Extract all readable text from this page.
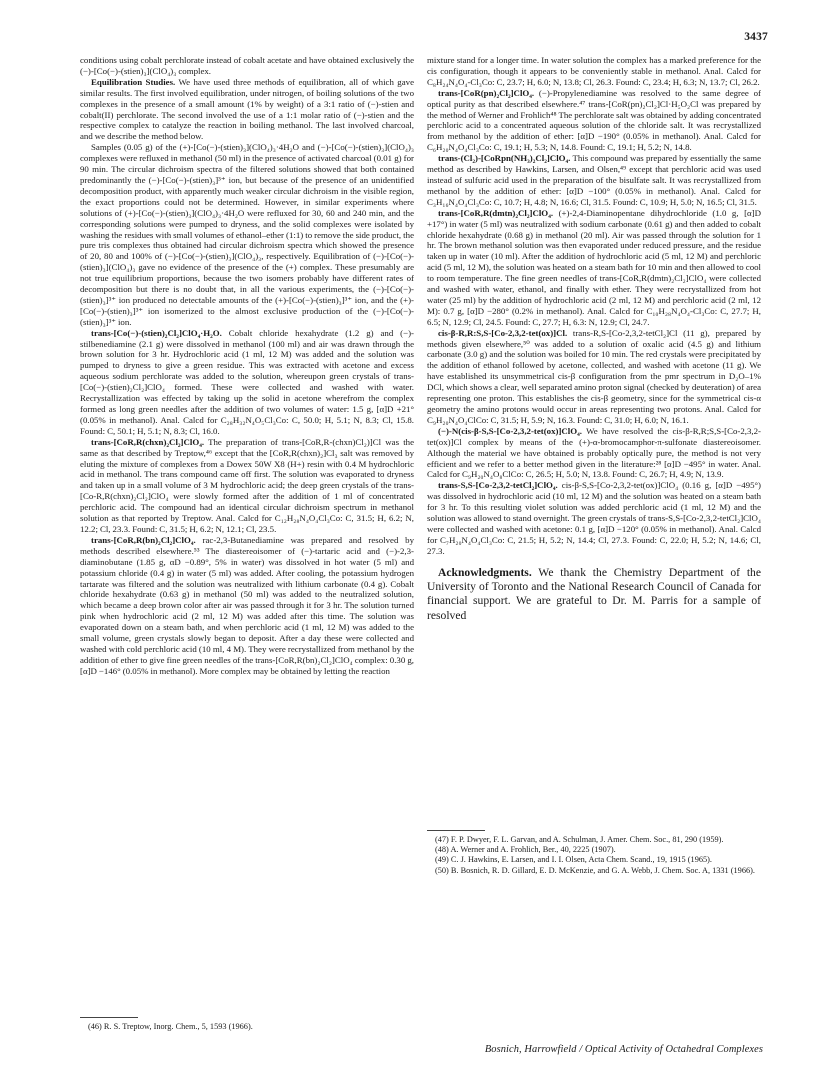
3437

conditions using cobalt perchlorate instead of cobalt acetate and have obtained exclusively the (−)-[Co(−)-(stien)₃](ClO₄)₃ complex.

Equilibration Studies. We have used three methods of equilibration, all of which gave similar results. The first involved equilibration, under nitrogen, of boiling solutions of the two complexes in the presence of a small amount (1% by weight) of a 3:1 ratio of (−)-stien and cobalt(II) perchlorate. The second involved the use of a 1:1 molar ratio of (−)-stien and the respective complex to catalyze the reaction in boiling methanol. The last involved charcoal, and we describe the method below.

Samples (0.05 g) of the (+)-[Co(−)-(stien)₃](ClO₄)₃·4H₂O and (−)-[Co(−)-(stien)₃](ClO₄)₃ complexes were refluxed in methanol (50 ml) in the presence of activated charcoal (0.01 g) for 90 min. The circular dichroism spectra of the filtered solutions showed that both contained predominantly the (−)-[Co(−)-(stien)₃]³⁺ ion, but because of the presence of an unidentified decomposition product, with apparently much weaker circular dichroism in the visible region, the exact proportions could not be determined. However, in similar experiments where solutions of (+)-[Co(−)-(stien)₃](ClO₄)₃·4H₂O were refluxed for 30, 60 and 240 min, and the corresponding solutions were pumped to dryness, and the solid complexes were isolated by washing the residues with small volumes of ethanol–ether (1:1) to remove the side product, the pure tris complexes thus obtained had circular dichroism spectra which showed the presence of 20, 80 and 100% of (−)-[Co(−)-(stien)₃](ClO₄)₃, respectively. Equilibration of (−)-[Co(−)-(stien)₃](ClO₄)₃ gave no evidence of the presence of the (+) complex. These presumably are not true equilibrium proportions, because the two isomers probably have different rates of decomposition but there is no doubt that, in all the various experiments, the (−)-[Co(−)-(stien)₃]³⁺ ion produced no detectable amounts of the (+)-[Co(−)-(stien)₃]³⁺ ion, and the (+)-[Co(−)-(stien)₃]³⁺ ion isomerized to the almost exclusive production of the (−)-[Co(−)-(stien)₃]³⁺ ion.

trans-[Co(−)-(stien)₂Cl₂]ClO₄·H₂O. Cobalt chloride hexahydrate (1.2 g) and (−)-stilbenediamine (2.1 g) were dissolved in methanol (100 ml) and air was drawn through the brown solution for 3 hr. Hydrochloric acid (1 ml, 12 M) was added and the solution was pumped to dryness to give a green residue. This was extracted with acetone and excess aqueous sodium perchlorate was added to the solution, whereupon green crystals of trans-[Co(−)-(stien)₂Cl₂]ClO₄ formed. These were collected and washed with water. Recrystallization was effected by taking up the solid in acetone wherefrom the complex formed as long green needles after the addition of two volumes of water: 1.5 g, [α]D +21° (0.05% in methanol). Anal. Calcd for C₂₈H₃₂N₄O₅Cl₃Co: C, 50.0; H, 5.1; N, 8.3; Cl, 15.8. Found: C, 50.1; H, 5.1; N, 8.3; Cl, 16.0.

trans-[CoR,R(chxn)₂Cl₂]ClO₄. The preparation of trans-[CoR,R-(chxn)Cl₂)]Cl was the same as that described by Treptow,⁴⁶ except that the [CoR,R(chxn)₂]Cl₃ salt was removed by eluting the mixture of complexes from a Dowex 50W X8 (H+) resin with 0.4 M hydrochloric acid in methanol. The trans compound came off first. The solution was evaporated to dryness and taken up in a small volume of 3 M hydrochloric acid; the deep green crystals of the trans-[Co-R,R(chxn)₂Cl₂]ClO₄ were slowly formed after the addition of 1 ml of concentrated perchloric acid. The compound had an identical circular dichroism spectrum in methanol solution as that reported by Treptow. Anal. Calcd for C₁₂H₂₈N₄O₄Cl₃Co: C, 31.5; H, 6.2; N, 12.2; Cl, 23.3. Found: C, 31.5; H, 6.2; N, 12.1; Cl, 23.5.

trans-[CoR,R(bn)₂Cl₂]ClO₄. rac-2,3-Butanediamine was prepared and resolved by methods described elsewhere.⁵³ The diastereoisomer of (−)-tartaric acid and (−)-2,3-diaminobutane (1.85 g, αD −0.89°, 5% in water) was dissolved in hot water (5 ml) and potassium chloride (0.4 g) in water (5 ml) was added. After cooling, the potassium hydrogen tartarate was filtered and the solution was neutralized with lithium carbonate (0.4 g). Cobalt chloride hexahydrate (0.63 g) in methanol (50 ml) was added to the neutralized solution, which became a deep brown color after air was passed through it for 3 hr. The solution turned pink when hydrochloric acid (2 ml, 12 M) was added after this time. The solution was evaporated down on a steam bath, and when perchloric acid (1 ml, 12 M) was added to the small volume, green crystals slowly began to deposit. After a day these were collected and washed with cold perchloric acid (10 ml, 4 M). They were recrystallized from methanol by the addition of ether to give fine green needles of the trans-[CoR,R(bn)₂Cl₂]ClO₄ complex: 0.30 g, [α]D −146° (0.05% in methanol). More complex may be obtained by letting the reaction

mixture stand for a longer time. In water solution the complex has a marked preference for the cis configuration, though it appears to be conveniently stable in methanol. Anal. Calcd for C₈H₂₄N₄O₄-Cl₃Co: C, 23.7; H, 6.0; N, 13.8; Cl, 26.3. Found: C, 23.4; H, 6.3; N, 13.7; Cl, 26.2.

trans-[CoR(pn)₂Cl₂]ClO₄. (−)-Propylenediamine was resolved to the same degree of optical purity as that described elsewhere.⁴⁷ trans-[CoR(pn)₂Cl₂]Cl·H₅O₂Cl was prepared by the method of Werner and Frohlich⁴⁸ The perchlorate salt was obtained by adding concentrated perchloric acid to a concentrated aqueous solution of the chloride salt. It was recrystallized from methanol by the addition of ether: [α]D −190° (0.05% in methanol). Anal. Calcd for C₆H₂₀N₄O₄Cl₃Co: C, 19.1; H, 5.3; N, 14.8. Found: C, 19.1; H, 5.2; N, 14.8.

trans-(Cl₂)-[CoRpn(NH₃)₂Cl₂]ClO₄. This compound was prepared by essentially the same method as described by Hawkins, Larsen, and Olsen,⁴⁹ except that perchloric acid was used instead of sulfuric acid used in the preparation of the bisulfate salt. It was recrystallized from methanol by the addition of ether: [α]D −100° (0.05% in methanol). Anal. Calcd for C₃H₁₆N₄O₄Cl₃Co: C, 10.7; H, 4.8; N, 16.6; Cl, 31.5. Found: C, 10.9; H, 5.0; N, 16.5; Cl, 31.5.

trans-[CoR,R(dmtn)₂Cl₂]ClO₄. (+)-2,4-Diaminopentane dihydrochloride (1.0 g, [α]D +17°) in water (5 ml) was neutralized with sodium carbonate (0.61 g) and then added to cobalt chloride hexahydrate (0.68 g) in methanol (20 ml). Air was passed through the solution for 1 hr. The brown methanol solution was then evaporated under reduced pressure, and the residue taken up in water (10 ml). After the addition of hydrochloric acid (5 ml, 12 M) and perchloric acid (5 ml, 12 M), the solution was heated on a steam bath for 10 min and then allowed to cool to room temperature. The fine green needles of trans-[CoR,R(dmtn)₂Cl₂]ClO₄ were collected and washed with water, ethanol, and finally with ether. They were recrystallized from hot water (25 ml) by the addition of hydrochloric acid (2 ml, 12 M) and perchloric acid (2 ml, 12 M): 0.7 g, [α]D −280° (0.2% in methanol). Anal. Calcd for C₁₀H₂₈N₄O₄-Cl₃Co: C, 27.7; H, 6.5; N, 12.9; Cl, 24.5. Found: C, 27.7; H, 6.3: N, 12.9; Cl, 24.7.

cis-β-R,R:S,S-[Co-2,3,2-tet(ox)]Cl. trans-R,S-[Co-2,3,2-tetCl₂]Cl (11 g), prepared by methods given elsewhere,⁵⁰ was added to a solution of oxalic acid (4.5 g) and lithium carbonate (3.0 g) and the solution was boiled for 10 min. The red crystals were precipitated by the addition of ethanol followed by acetone, collected, and washed with acetone (11 g). We have established its unsymmetrical cis-β configuration from the pmr spectrum in D₂O–1% DCl, which shows a clear, well separated amino proton signal (checked by deuteration) of area representing one proton. This establishes the cis-β geometry, since for the symmetrical cis-α geometry the amino protons would occur in areas representing two protons. Anal. Calcd for C₉H₂₀N₄O₄ClCo: C, 31.5; H, 5.9; N, 16.3. Found: C, 31.0; H, 6.0; N, 16.1.

(−)-N(cis-β-S,S-[Co-2,3,2-tet(ox)]ClO₄. We have resolved the cis-β-R,R;S,S-[Co-2,3,2-tet(ox)]Cl complex by means of the (+)-α-bromocamphor-π-sulfonate diastereoisomer. Although the material we have obtained is probably optically pure, the method is not very efficient and we refer to a better method given in the literature:²⁸ [α]D −495° in water. Anal. Calcd for C₉H₂₀N₄O₈ClCo: C, 26.5; H, 5.0; N, 13.8. Found: C, 26.7; H, 4.9; N, 13.9.

trans-S,S-[Co-2,3,2-tetCl₂]ClO₄. cis-β-S,S-[Co-2,3,2-tet(ox)]ClO₄ (0.16 g, [α]D −495°) was dissolved in hydrochloric acid (10 ml, 12 M) and the solution was heated on a steam bath for 3 hr. To this resulting violet solution was added perchloric acid (1 ml, 12 M) and the solution was allowed to stand overnight. The green crystals of trans-S,S-[Co-2,3,2-tetCl₂]ClO₄ were collected and washed with acetone: 0.1 g, [α]D −120° (0.05% in methanol). Anal. Calcd for C₇H₂₀N₄O₄Cl₃Co: C, 21.5; H, 5.2; N, 14.4; Cl, 27.3. Found: C, 22.0; H, 5.2; N, 14.6; Cl, 27.3.

Acknowledgments. We thank the Chemistry Department of the University of Toronto and the National Research Council of Canada for financial support. We are grateful to Dr. M. Parris for a sample of resolved

(47) F. P. Dwyer, F. L. Garvan, and A. Schulman, J. Amer. Chem. Soc., 81, 290 (1959).

(48) A. Werner and A. Frohlich, Ber., 40, 2225 (1907).

(49) C. J. Hawkins, E. Larsen, and I. I. Olsen, Acta Chem. Scand., 19, 1915 (1965).

(50) B. Bosnich, R. D. Gillard, E. D. McKenzie, and G. A. Webb, J. Chem. Soc. A, 1331 (1966).

(46) R. S. Treptow, Inorg. Chem., 5, 1593 (1966).

Bosnich, Harrowfield / Optical Activity of Octahedral Complexes
